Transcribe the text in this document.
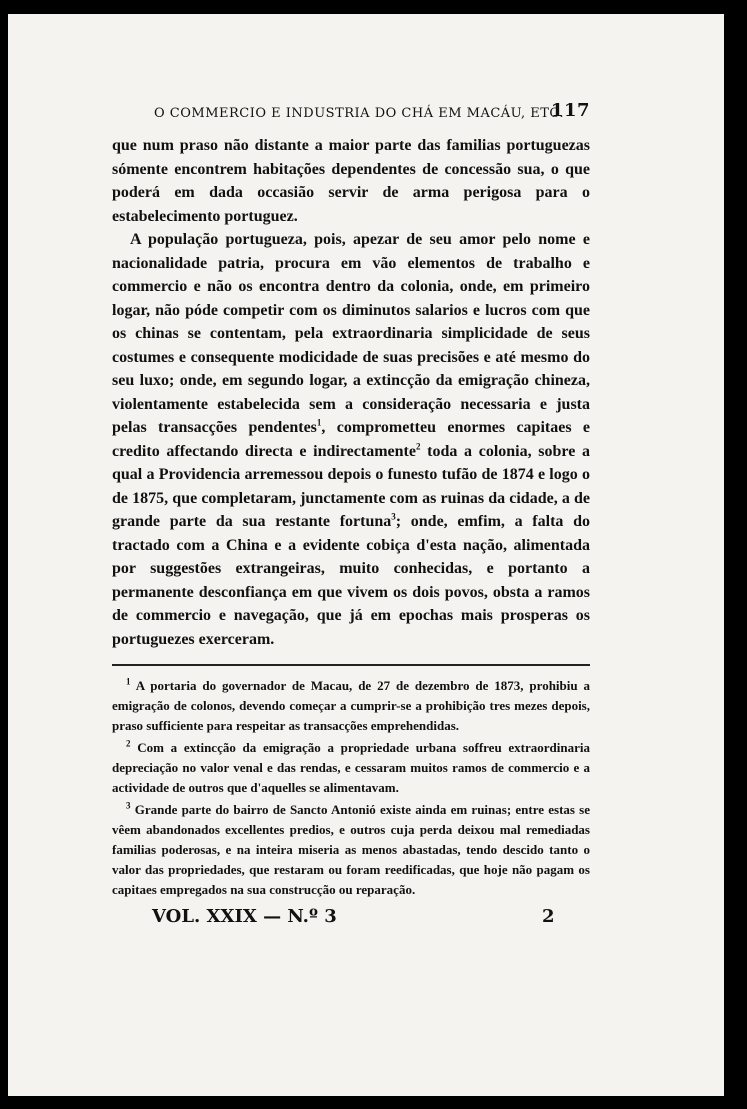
O COMMERCIO E INDUSTRIA DO CHÁ EM MACÁU, ETC.
117

que num praso não distante a maior parte das familias portuguezas sómente encontrem habitações dependentes de concessão sua, o que poderá em dada occasião servir de arma perigosa para o estabelecimento portuguez.

A população portugueza, pois, apezar de seu amor pelo nome e nacionalidade patria, procura em vão elementos de trabalho e commercio e não os encontra dentro da colonia, onde, em primeiro logar, não póde competir com os diminutos salarios e lucros com que os chinas se contentam, pela extraordinaria simplicidade de seus costumes e consequente modicidade de suas precisões e até mesmo do seu luxo; onde, em segundo logar, a extincção da emigração chineza, violentamente estabelecida sem a consideração necessaria e justa pelas transacções pendentes$^1$, comprometteu enormes capitaes e credito affectando directa e indirectamente$^2$ toda a colonia, sobre a qual a Providencia arremessou depois o funesto tufão de 1874 e logo o de 1875, que completaram, junctamente com as ruinas da cidade, a de grande parte da sua restante fortuna$^3$; onde, emfim, a falta do tractado com a China e a evidente cobiça d'esta nação, alimentada por suggestões extrangeiras, muito conhecidas, e portanto a permanente desconfiança em que vivem os dois povos, obsta a ramos de commercio e navegação, que já em epochas mais prosperas os portuguezes exerceram.

$^1$ A portaria do governador de Macau, de 27 de dezembro de 1873, prohibiu a emigração de colonos, devendo começar a cumprir-se a prohibição tres mezes depois, praso sufficiente para respeitar as transacções emprehendidas.

$^2$ Com a extincção da emigração a propriedade urbana soffreu extraordinaria depreciação no valor venal e das rendas, e cessaram muitos ramos de commercio e a actividade de outros que d'aquelles se alimentavam.

$^3$ Grande parte do bairro de Sancto Antonió existe ainda em ruinas; entre estas se vêem abandonados excellentes predios, e outros cuja perda deixou mal remediadas familias poderosas, e na inteira miseria as menos abastadas, tendo descido tanto o valor das propriedades, que restaram ou foram reedificadas, que hoje não pagam os capitaes empregados na sua construcção ou reparação.

VOL. XXIX — N.º 3	2
